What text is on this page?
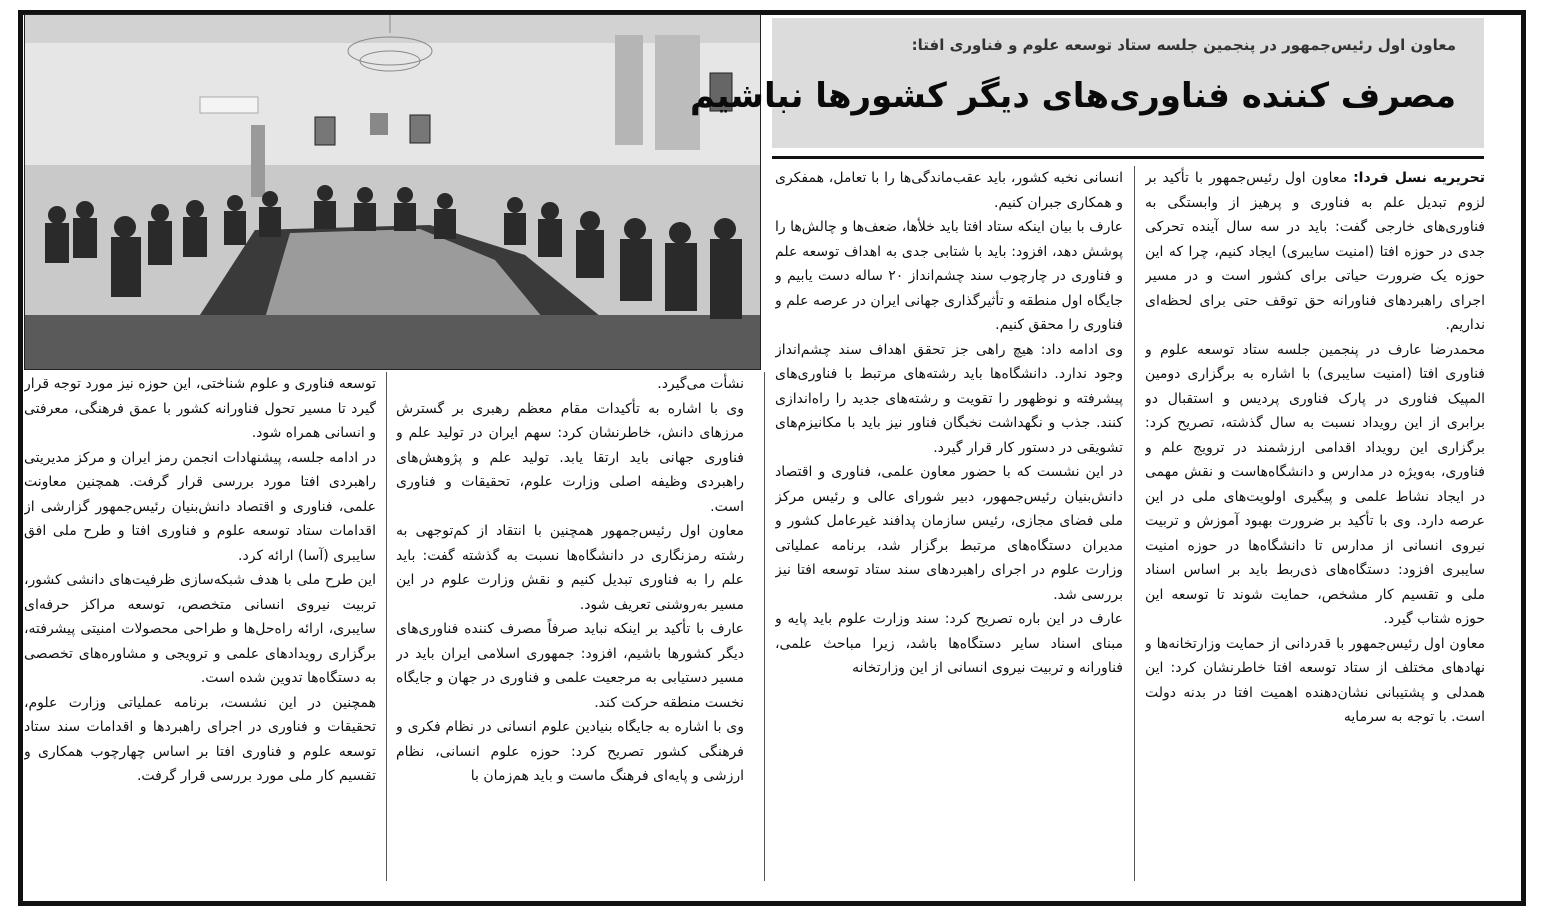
معاون اول رئیس‌جمهور در پنجمین جلسه ستاد توسعه علوم و فناوری افتا:
مصرف کننده فناوری‌های دیگر کشورها نباشیم

تحریریه نسل فردا: معاون اول رئیس‌جمهور با تأکید بر لزوم تبدیل علم به فناوری و پرهیز از وابستگی به فناوری‌های خارجی گفت: باید در سه سال آینده تحرکی جدی در حوزه افتا (امنیت سایبری) ایجاد کنیم، چرا که این حوزه یک ضرورت حیاتی برای کشور است و در مسیر اجرای راهبردهای فناورانه حق توقف حتی برای لحظه‌ای نداریم.

محمدرضا عارف در پنجمین جلسه ستاد توسعه علوم و فناوری افتا (امنیت سایبری) با اشاره به برگزاری دومین المپیک فناوری در پارک فناوری پردیس و استقبال دو برابری از این رویداد نسبت به سال گذشته، تصریح کرد: برگزاری این رویداد اقدامی ارزشمند در ترویج علم و فناوری، به‌ویژه در مدارس و دانشگاه‌هاست و نقش مهمی در ایجاد نشاط علمی و پیگیری اولویت‌های ملی در این عرصه دارد. وی با تأکید بر ضرورت بهبود آموزش و تربیت نیروی انسانی از مدارس تا دانشگاه‌ها در حوزه امنیت سایبری افزود: دستگاه‌های ذی‌ربط باید بر اساس اسناد ملی و تقسیم کار مشخص، حمایت شوند تا توسعه این حوزه شتاب گیرد.

معاون اول رئیس‌جمهور با قدردانی از حمایت وزارتخانه‌ها و نهادهای مختلف از ستاد توسعه افتا خاطرنشان کرد: این همدلی و پشتیبانی نشان‌دهنده اهمیت افتا در بدنه دولت است. با توجه به سرمایه

انسانی نخبه کشور، باید عقب‌ماندگی‌ها را با تعامل، همفکری و همکاری جبران کنیم.

عارف با بیان اینکه ستاد افتا باید خلأها، ضعف‌ها و چالش‌ها را پوشش دهد، افزود: باید با شتابی جدی به اهداف توسعه علم و فناوری در چارچوب سند چشم‌انداز ۲۰ ساله دست یابیم و جایگاه اول منطقه و تأثیرگذاری جهانی ایران در عرصه علم و فناوری را محقق کنیم.

وی ادامه داد: هیچ راهی جز تحقق اهداف سند چشم‌انداز وجود ندارد. دانشگاه‌ها باید رشته‌های مرتبط با فناوری‌های پیشرفته و نوظهور را تقویت و رشته‌های جدید را راه‌اندازی کنند. جذب و نگهداشت نخبگان فناور نیز باید با مکانیزم‌های تشویقی در دستور کار قرار گیرد.

در این نشست که با حضور معاون علمی، فناوری و اقتصاد دانش‌بنیان رئیس‌جمهور، دبیر شورای عالی و رئیس مرکز ملی فضای مجازی، رئیس سازمان پدافند غیرعامل کشور و مدیران دستگاه‌های مرتبط برگزار شد، برنامه عملیاتی وزارت علوم در اجرای راهبردهای سند ستاد توسعه افتا نیز بررسی شد.

عارف در این باره تصریح کرد: سند وزارت علوم باید پایه و مبنای اسناد سایر دستگاه‌ها باشد، زیرا مباحث علمی، فناورانه و تربیت نیروی انسانی از این وزارتخانه

نشأت می‌گیرد.

وی با اشاره به تأکیدات مقام معظم رهبری بر گسترش مرزهای دانش، خاطرنشان کرد: سهم ایران در تولید علم و فناوری جهانی باید ارتقا یابد. تولید علم و پژوهش‌های راهبردی وظیفه اصلی وزارت علوم، تحقیقات و فناوری است.

معاون اول رئیس‌جمهور همچنین با انتقاد از کم‌توجهی به رشته رمزنگاری در دانشگاه‌ها نسبت به گذشته گفت: باید علم را به فناوری تبدیل کنیم و نقش وزارت علوم در این مسیر به‌روشنی تعریف شود.

عارف با تأکید بر اینکه نباید صرفاً مصرف کننده فناوری‌های دیگر کشورها باشیم، افزود: جمهوری اسلامی ایران باید در مسیر دستیابی به مرجعیت علمی و فناوری در جهان و جایگاه نخست منطقه حرکت کند.

وی با اشاره به جایگاه بنیادین علوم انسانی در نظام فکری و فرهنگی کشور تصریح کرد: حوزه علوم انسانی، نظام ارزشی و پایه‌ای فرهنگ ماست و باید هم‌زمان با

توسعه فناوری و علوم شناختی، این حوزه نیز مورد توجه قرار گیرد تا مسیر تحول فناورانه کشور با عمق فرهنگی، معرفتی و انسانی همراه شود.

در ادامه جلسه، پیشنهادات انجمن رمز ایران و مرکز مدیریتی راهبردی افتا مورد بررسی قرار گرفت. همچنین معاونت علمی، فناوری و اقتصاد دانش‌بنیان رئیس‌جمهور گزارشی از اقدامات ستاد توسعه علوم و فناوری افتا و طرح ملی افق سایبری (آسا) ارائه کرد.

این طرح ملی با هدف شبکه‌سازی ظرفیت‌های دانشی کشور، تربیت نیروی انسانی متخصص، توسعه مراکز حرفه‌ای سایبری، ارائه راه‌حل‌ها و طراحی محصولات امنیتی پیشرفته، برگزاری رویدادهای علمی و ترویجی و مشاوره‌های تخصصی به دستگاه‌ها تدوین شده است.

همچنین در این نشست، برنامه عملیاتی وزارت علوم، تحقیقات و فناوری در اجرای راهبردها و اقدامات سند ستاد توسعه علوم و فناوری افتا بر اساس چهارچوب همکاری و تقسیم کار ملی مورد بررسی قرار گرفت.
